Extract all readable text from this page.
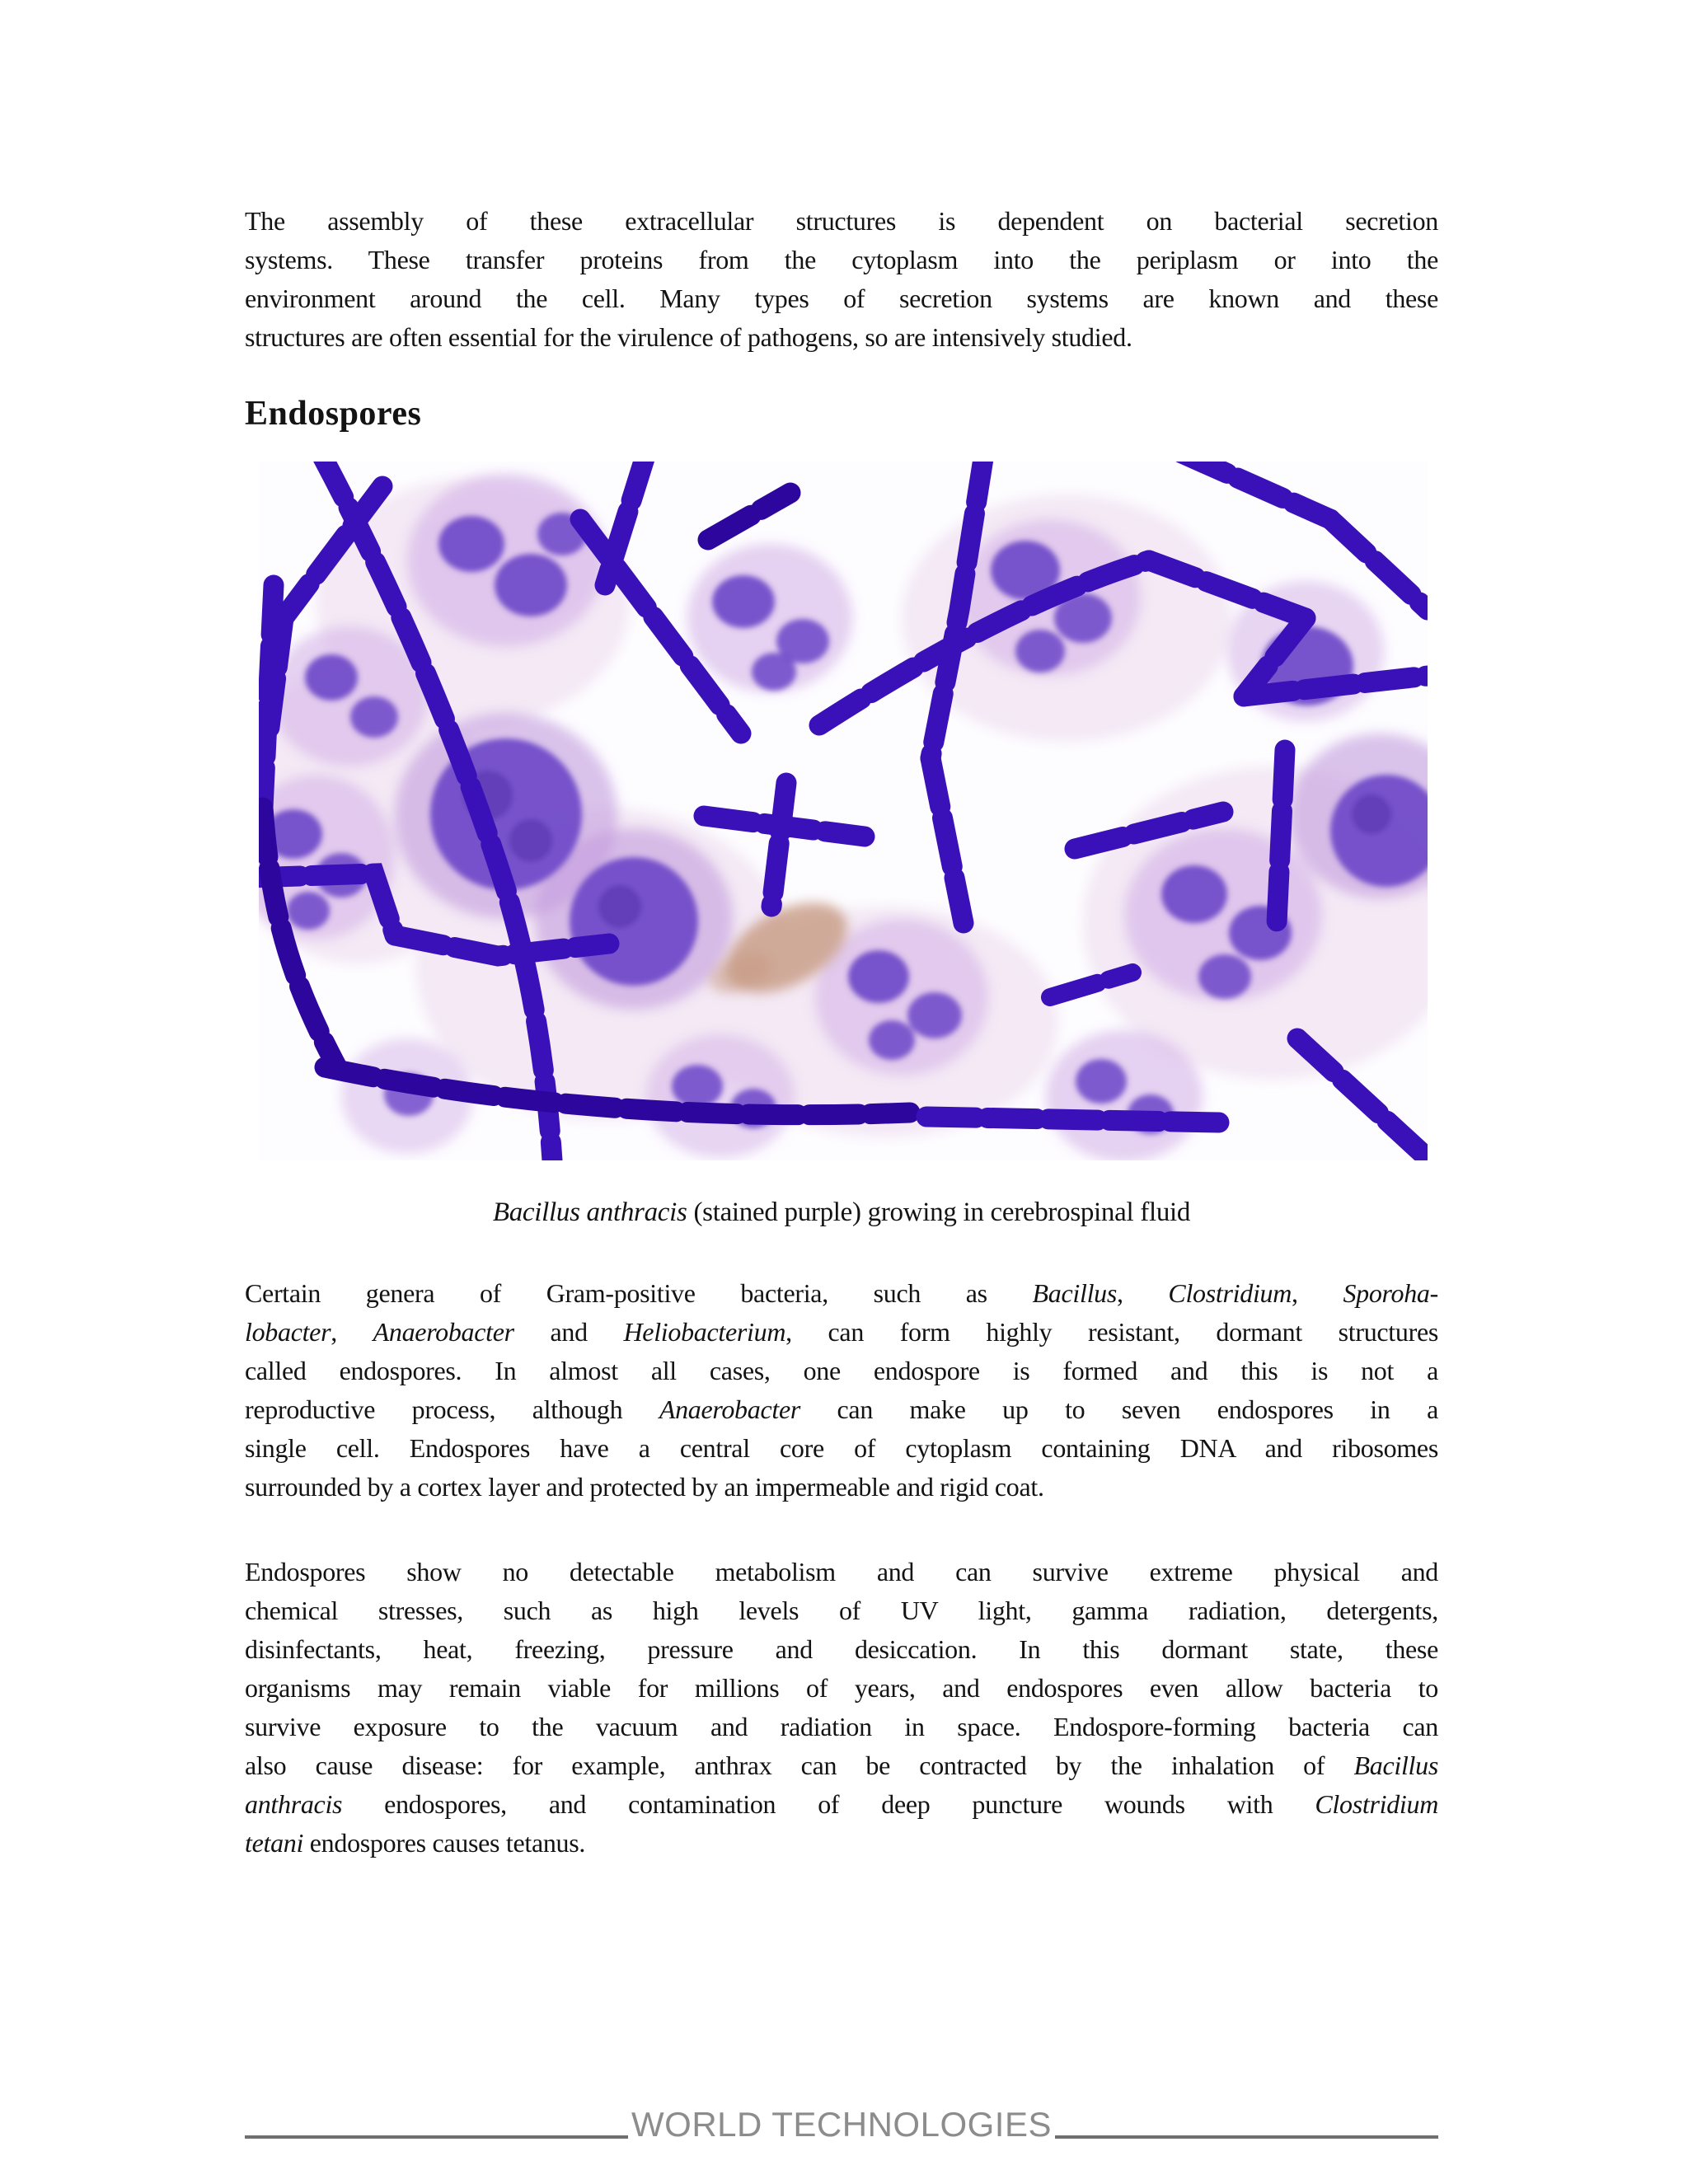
The assembly of these extracellular structures is dependent on bacterial secretion
systems. These transfer proteins from the cytoplasm into the periplasm or into the
environment around the cell. Many types of secretion systems are known and these
structures are often essential for the virulence of pathogens, so are intensively studied.
Endospores
Bacillus anthracis (stained purple) growing in cerebrospinal fluid
Certain genera of Gram-positive bacteria, such as Bacillus, Clostridium, Sporoha-
lobacter, Anaerobacter and Heliobacterium, can form highly resistant, dormant structures
called endospores. In almost all cases, one endospore is formed and this is not a
reproductive process, although Anaerobacter can make up to seven endospores in a
single cell. Endospores have a central core of cytoplasm containing DNA and ribosomes
surrounded by a cortex layer and protected by an impermeable and rigid coat.
Endospores show no detectable metabolism and can survive extreme physical and
chemical stresses, such as high levels of UV light, gamma radiation, detergents,
disinfectants, heat, freezing, pressure and desiccation. In this dormant state, these
organisms may remain viable for millions of years, and endospores even allow bacteria to
survive exposure to the vacuum and radiation in space. Endospore-forming bacteria can
also cause disease: for example, anthrax can be contracted by the inhalation of Bacillus
anthracis endospores, and contamination of deep puncture wounds with Clostridium
tetani endospores causes tetanus.
WORLD TECHNOLOGIES
